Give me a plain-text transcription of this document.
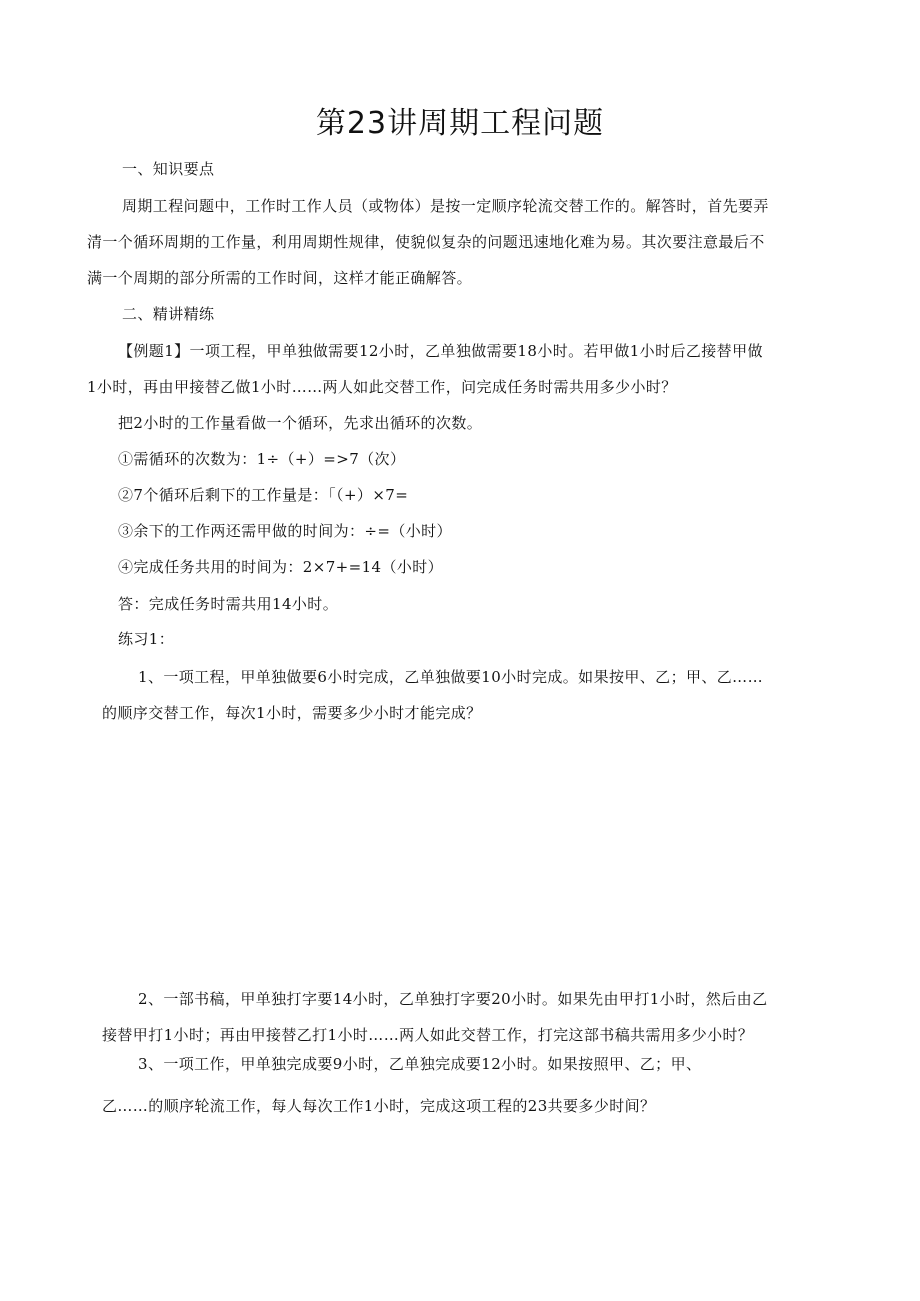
第23讲周期工程问题
一、知识要点
周期工程问题中，工作时工作人员（或物体）是按一定顺序轮流交替工作的。解答时，首先要弄
清一个循环周期的工作量，利用周期性规律，使貌似复杂的问题迅速地化难为易。其次要注意最后不
满一个周期的部分所需的工作时间，这样才能正确解答。
二、精讲精练
【例题1】一项工程，甲单独做需要12小时，乙单独做需要18小时。若甲做1小时后乙接替甲做
1小时，再由甲接替乙做1小时……两人如此交替工作，问完成任务时需共用多少小时？
把2小时的工作量看做一个循环，先求出循环的次数。
①需循环的次数为：1÷（+）=>7（次）
②7个循环后剩下的工作量是：「（+）×7=
③余下的工作两还需甲做的时间为：÷=（小时）
④完成任务共用的时间为：2×7+=14（小时）
答：完成任务时需共用14小时。
练习1：
1、一项工程，甲单独做要6小时完成，乙单独做要10小时完成。如果按甲、乙；甲、乙……
的顺序交替工作，每次1小时，需要多少小时才能完成？
2、一部书稿，甲单独打字要14小时，乙单独打字要20小时。如果先由甲打1小时，然后由乙
接替甲打1小时；再由甲接替乙打1小时……两人如此交替工作，打完这部书稿共需用多少小时？
3、一项工作，甲单独完成要9小时，乙单独完成要12小时。如果按照甲、乙；甲、
乙……的顺序轮流工作，每人每次工作1小时，完成这项工程的23共要多少时间？
